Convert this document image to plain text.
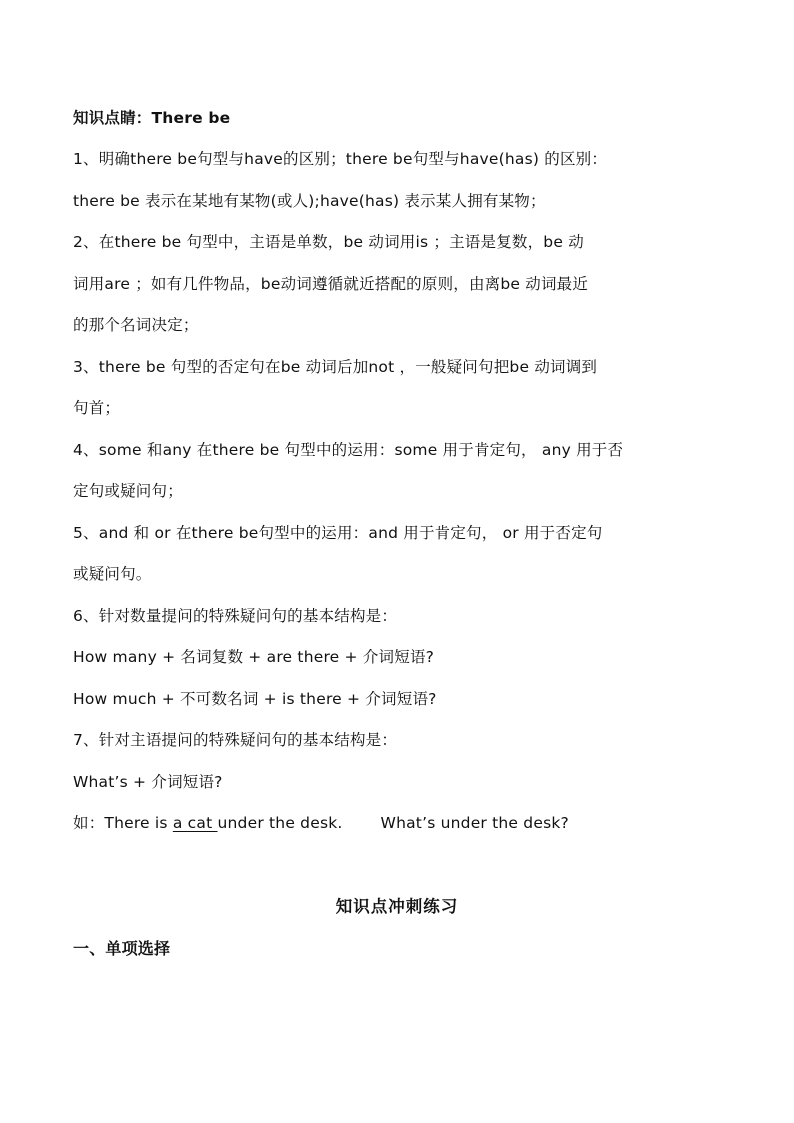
知识点睛：There be
1、明确there be句型与have的区别；there be句型与have(has) 的区别：
there be 表示在某地有某物(或人);have(has) 表示某人拥有某物；
2、在there be 句型中，主语是单数，be 动词用is ；主语是复数，be 动
词用are ；如有几件物品，be动词遵循就近搭配的原则，由离be 动词最近
的那个名词决定；
3、there be 句型的否定句在be 动词后加not ，一般疑问句把be 动词调到
句首；
4、some 和any 在there be 句型中的运用：some 用于肯定句， any 用于否
定句或疑问句；
5、and 和 or 在there be句型中的运用：and 用于肯定句， or 用于否定句
或疑问句。
6、针对数量提问的特殊疑问句的基本结构是：
How many + 名词复数 + are there + 介词短语?
How much + 不可数名词 + is there + 介词短语?
7、针对主语提问的特殊疑问句的基本结构是：
What’s + 介词短语?
如：There is a cat under the desk. What’s under the desk?
知识点冲刺练习
一、单项选择
